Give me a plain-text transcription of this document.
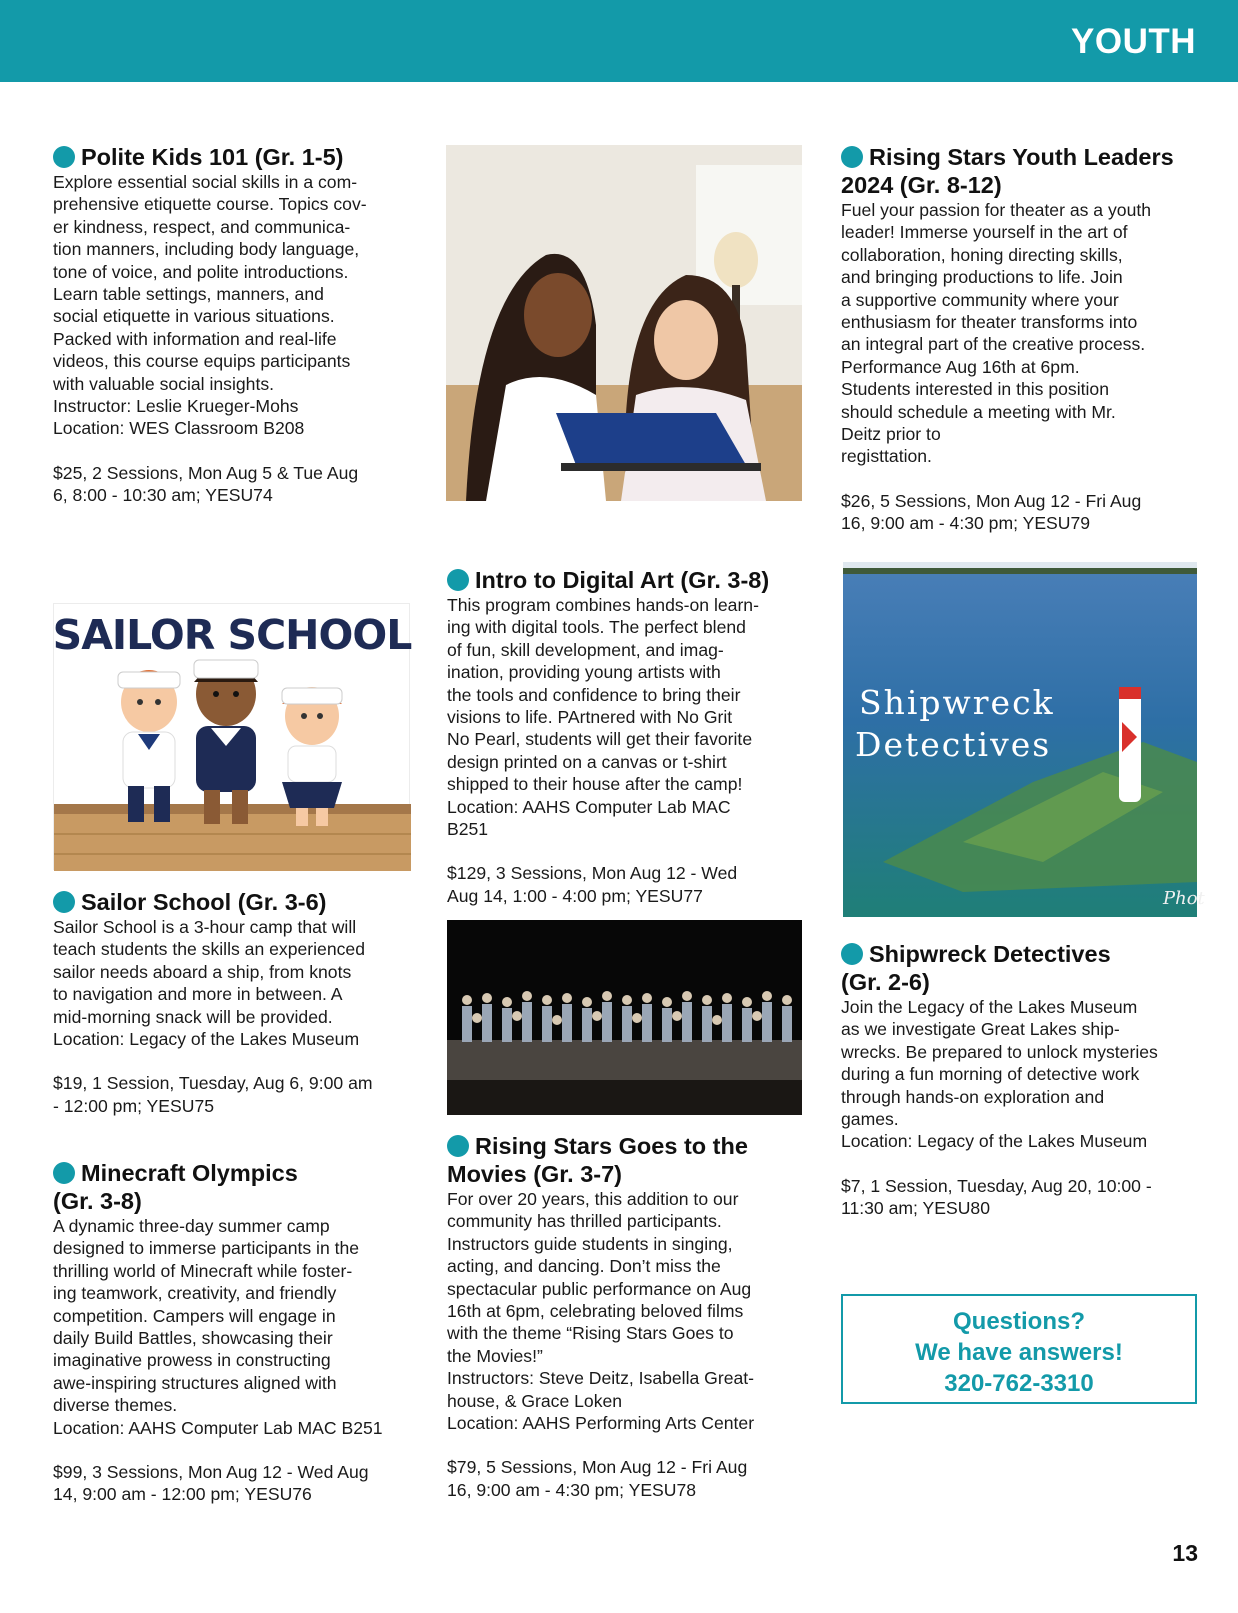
YOUTH
Polite Kids 101 (Gr. 1-5)
Explore essential social skills in a com-
prehensive etiquette course. Topics cov-
er kindness, respect, and communica-
tion manners, including body language,
tone of voice, and polite introductions.
Learn table settings, manners, and
social etiquette in various situations.
Packed with information and real-life
videos, this course equips participants
with valuable social insights.
Instructor: Leslie Krueger-Mohs
Location: WES Classroom B208
$25, 2 Sessions, Mon Aug 5 & Tue Aug
6, 8:00 - 10:30 am; YESU74
SAILOR SCHOOL
Sailor School (Gr. 3-6)
Sailor School is a 3-hour camp that will
teach students the skills an experienced
sailor needs aboard a ship, from knots
to navigation and more in between. A
mid-morning snack will be provided.
Location: Legacy of the Lakes Museum
$19, 1 Session, Tuesday, Aug 6, 9:00 am
- 12:00 pm; YESU75
Minecraft Olympics
(Gr. 3-8)
A dynamic three-day summer camp
designed to immerse participants in the
thrilling world of Minecraft while foster-
ing teamwork, creativity, and friendly
competition. Campers will engage in
daily Build Battles, showcasing their
imaginative prowess in constructing
awe-inspiring structures aligned with
diverse themes.
Location: AAHS Computer Lab MAC B251
$99, 3 Sessions, Mon Aug 12 - Wed Aug
14, 9:00 am - 12:00 pm; YESU76
Intro to Digital Art (Gr. 3-8)
This program combines hands-on learn-
ing with digital tools. The perfect blend
of fun, skill development, and imag-
ination, providing young artists with
the tools and confidence to bring their
visions to life. PArtnered with No Grit
No Pearl, students will get their favorite
design printed on a canvas or t-shirt
shipped to their house after the camp!
Location: AAHS Computer Lab MAC
B251
$129, 3 Sessions, Mon Aug 12 - Wed
Aug 14, 1:00 - 4:00 pm; YESU77
Rising Stars Goes to the
Movies (Gr. 3-7)
For over 20 years, this addition to our
community has thrilled participants.
Instructors guide students in singing,
acting, and dancing. Don’t miss the
spectacular public performance on Aug
16th at 6pm, celebrating beloved films
with the theme “Rising Stars Goes to
the Movies!”
Instructors: Steve Deitz, Isabella Great-
house, & Grace Loken
Location: AAHS Performing Arts Center
$79, 5 Sessions, Mon Aug 12 - Fri Aug
16, 9:00 am - 4:30 pm; YESU78
Rising Stars Youth Leaders
2024 (Gr. 8-12)
Fuel your passion for theater as a youth
leader! Immerse yourself in the art of
collaboration, honing directing skills,
and bringing productions to life. Join
a supportive community where your
enthusiasm for theater transforms into
an integral part of the creative process.
Performance Aug 16th at 6pm.
Students interested in this position
should schedule a meeting with Mr.
Deitz prior to
registtation.
$26, 5 Sessions, Mon Aug 12 - Fri Aug
16, 9:00 am - 4:30 pm; YESU79
Shipwreck
Detectives
Phot
Shipwreck Detectives
(Gr. 2-6)
Join the Legacy of the Lakes Museum
as we investigate Great Lakes ship-
wrecks. Be prepared to unlock mysteries
during a fun morning of detective work
through hands-on exploration and
games.
Location: Legacy of the Lakes Museum
$7, 1 Session, Tuesday, Aug 20, 10:00 -
11:30 am; YESU80
Questions?
We have answers!
320-762-3310
13
